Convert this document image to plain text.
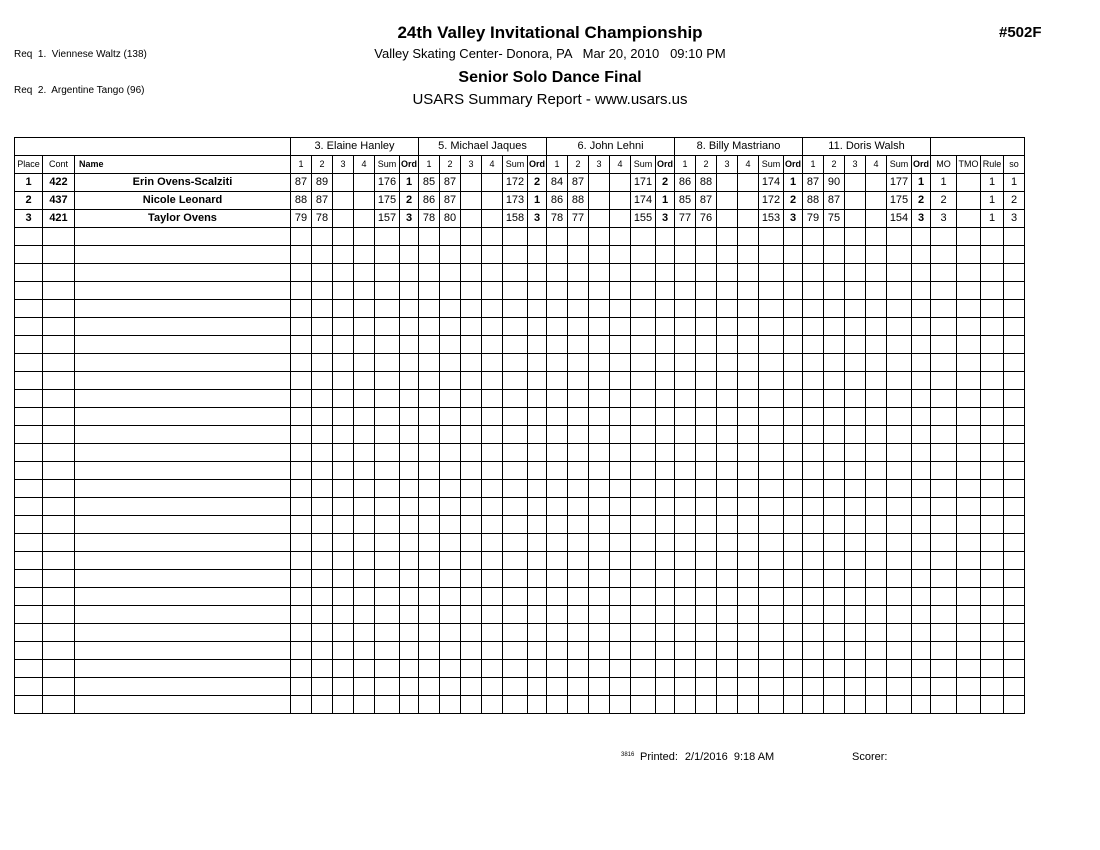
Req  1.  Viennese Waltz (138)

Req  2.  Argentine Tango (96)

#502F
24th Valley Invitational Championship
Valley Skating Center- Donora, PA   Mar 20, 2010   09:10 PM
Senior Solo Dance Final
USARS Summary Report - www.usars.us
			3. Elaine Hanley						5. Michael Jaques						6. John Lehni						8. Billy Mastriano						11. Doris Walsh									
Place	Cont	Name	1	2	3	4	Sum	Ord	1	2	3	4	Sum	Ord	1	2	3	4	Sum	Ord	1	2	3	4	Sum	Ord	1	2	3	4	Sum	Ord	MO	TMO	Rule	so
1	422	Erin Ovens-Scalziti	87	89			176	1	85	87			172	2	84	87			171	2	86	88			174	1	87	90			177	1	1		1	1
2	437	Nicole Leonard	88	87			175	2	86	87			173	1	86	88			174	1	85	87			172	2	88	87			175	2	2		1	2
3	421	Taylor Ovens	79	78			157	3	78	80			158	3	78	77			155	3	77	76			153	3	79	75			154	3	3		1	3

3816 Printed: 2/1/2016  9:18 AM	Scorer:
